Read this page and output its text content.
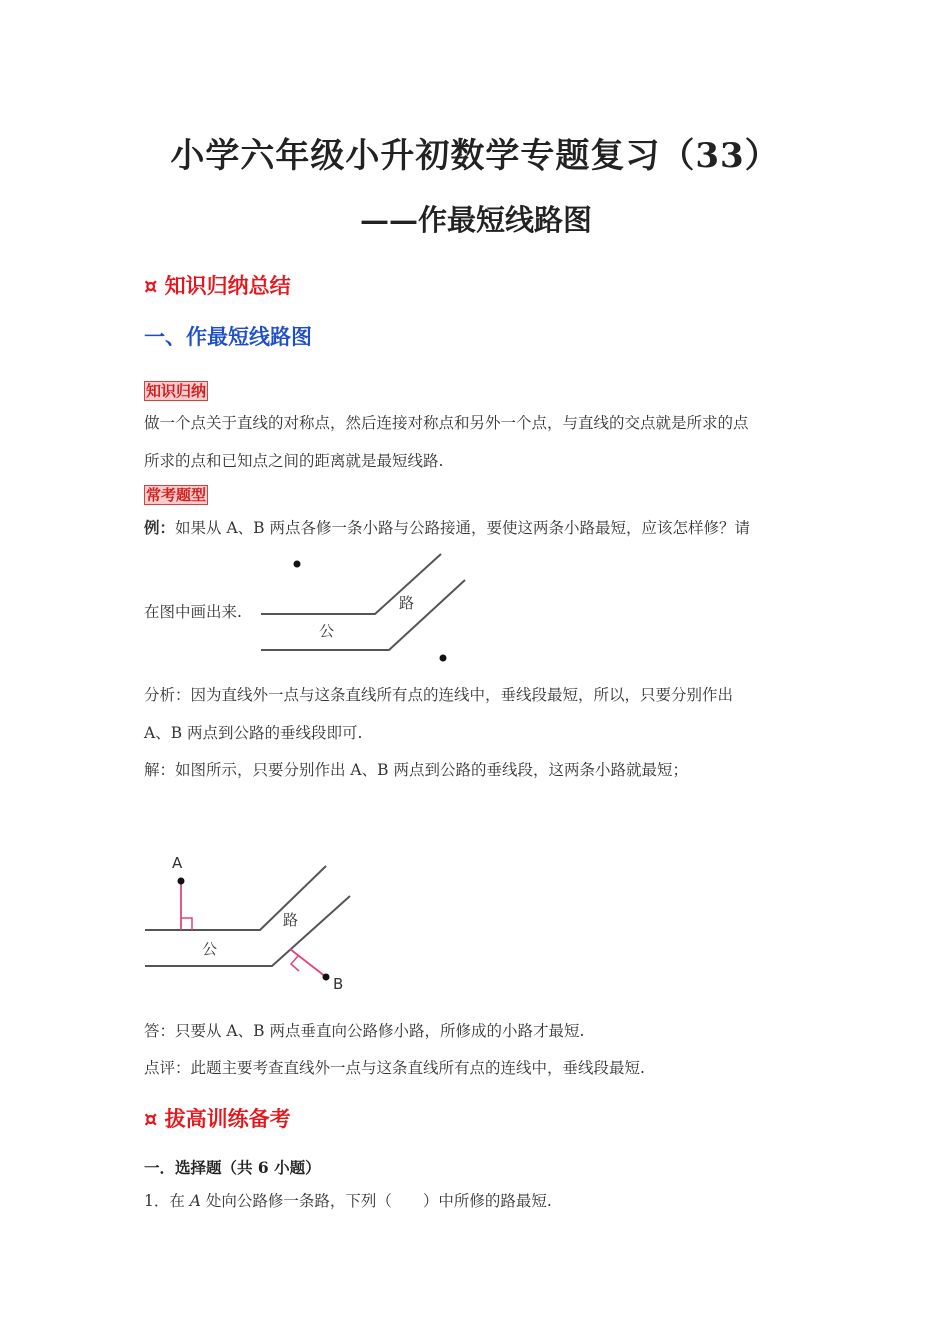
小学六年级小升初数学专题复习（33）
——作最短线路图
¤ 知识归纳总结
一、作最短线路图
知识归纳
做一个点关于直线的对称点，然后连接对称点和另外一个点，与直线的交点就是所求的点
所求的点和已知点之间的距离就是最短线路.
常考题型
例：如果从 A、B 两点各修一条小路与公路接通，要使这两条小路最短，应该怎样修？请
在图中画出来.	路
公
分析：因为直线外一点与这条直线所有点的连线中，垂线段最短，所以，只要分别作出
A、B 两点到公路的垂线段即可.
解：如图所示，只要分别作出 A、B 两点到公路的垂线段，这两条小路就最短；
A
B
路
公
答：只要从 A、B 两点垂直向公路修小路，所修成的小路才最短.
点评：此题主要考查直线外一点与这条直线所有点的连线中，垂线段最短.
¤ 拔高训练备考
一．选择题（共 6 小题）
1．在 A 处向公路修一条路，下列（　　）中所修的路最短.
